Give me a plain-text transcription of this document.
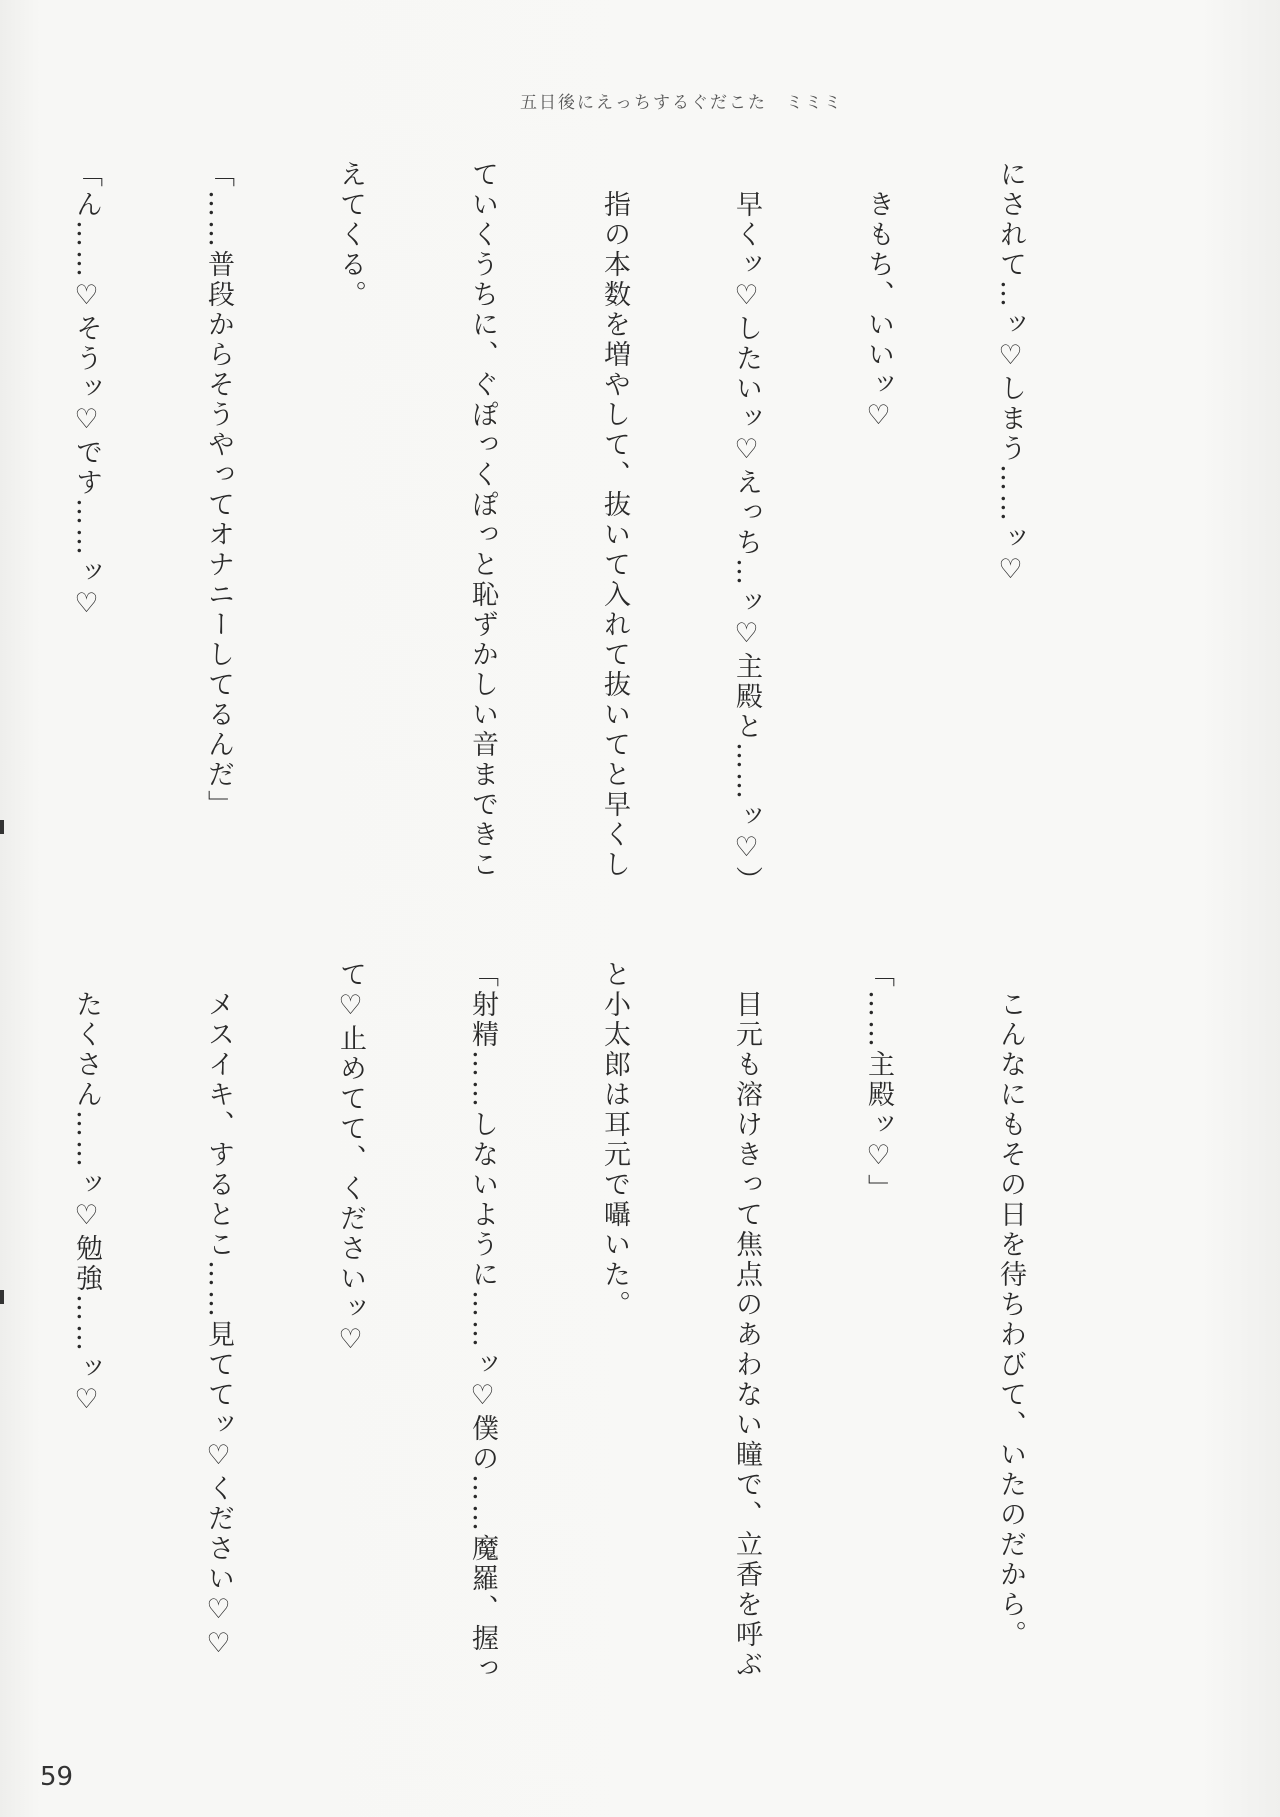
五日後にえっちするぐだこた　ミミミ

にされて…ッ♡しまう……ッ♡

　きもち、いいッ♡

　早くッ♡したいッ♡えっち…ッ♡主殿と……ッ♡）

　指の本数を増やして、抜いて入れて抜いてと早くし

ていくうちに、ぐぽっくぽっと恥ずかしい音まできこ

えてくる。

「……普段からそうやってオナニーしてるんだ」

「ん……♡そうッ♡です……ッ♡

　こんなにもその日を待ちわびて、いたのだから。

「……主殿ッ♡」

　目元も溶けきって焦点のあわない瞳で、立香を呼ぶ

と小太郎は耳元で囁いた。

「射精……しないように……ッ♡僕の……魔羅、握っ

て♡止めてて、くださいッ♡

　メスイキ、するとこ……見ててッ♡ください♡♡

　たくさん……ッ♡勉強……ッ♡

59
